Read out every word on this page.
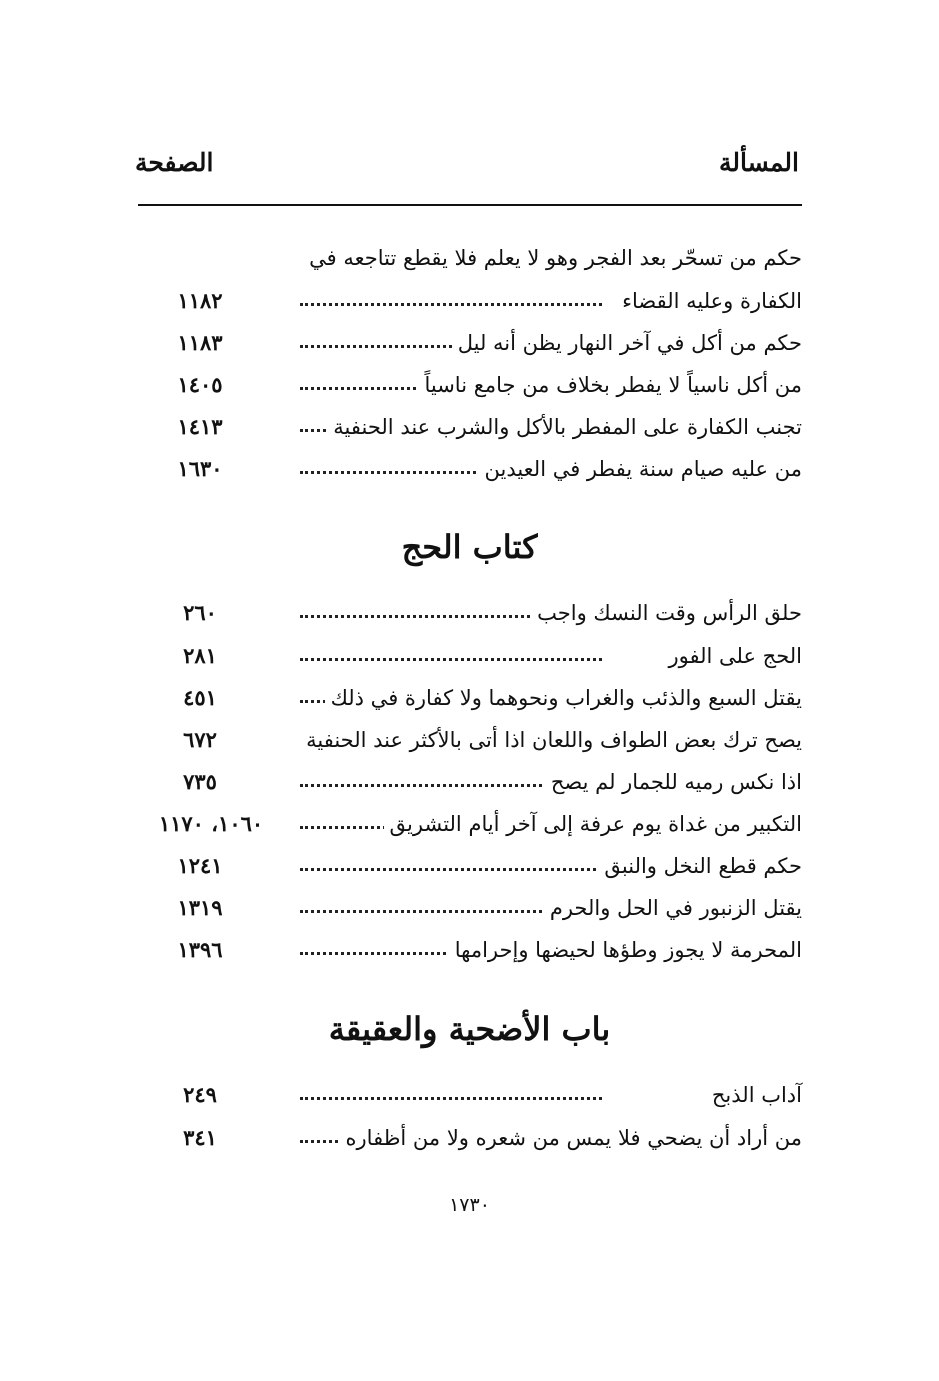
المسألة
الصفحة
حكم من تسحّر بعد الفجر وهو لا يعلم فلا يقطع تتاجعه في
الكفارة وعليه القضاء
١١٨٢
حكم من أكل في آخر النهار يظن أنه ليل
١١٨٣
من أكل ناسياً لا يفطر بخلاف من جامع ناسياً
١٤٠٥
تجنب الكفارة على المفطر بالأكل والشرب عند الحنفية
١٤١٣
من عليه صيام سنة يفطر في العيدين
١٦٣٠
كتاب الحج
حلق الرأس وقت النسك واجب
٢٦٠
الحج على الفور
٢٨١
يقتل السبع والذئب والغراب ونحوهما ولا كفارة في ذلك
٤٥١
يصح ترك بعض الطواف واللعان اذا أتى بالأكثر عند الحنفية
٦٧٢
اذا نكس رميه للجمار لم يصح
٧٣٥
التكبير من غداة يوم عرفة إلى آخر أيام التشريق
١٠٦٠، ١١٧٠
حكم قطع النخل والنبق
١٢٤١
يقتل الزنبور في الحل والحرم
١٣١٩
المحرمة لا يجوز وطؤها لحيضها وإحرامها
١٣٩٦
باب الأضحية والعقيقة
آداب الذبح
٢٤٩
من أراد أن يضحي فلا يمس من شعره ولا من أظفاره
٣٤١
١٧٣٠
